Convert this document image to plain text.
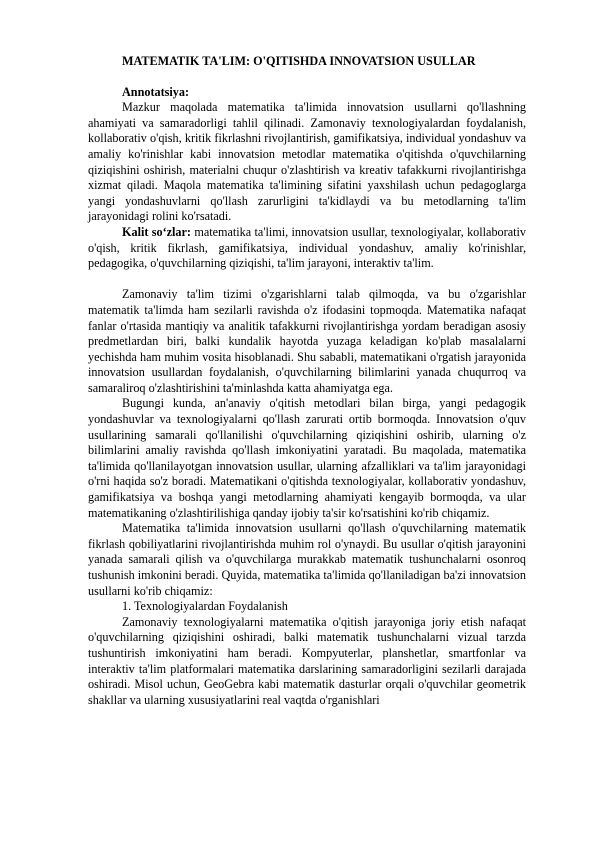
MATEMATIK TA'LIM: O'QITISHDA INNOVATSION USULLAR
Annotatsiya:

Mazkur maqolada matematika ta'limida innovatsion usullarni qo'llashning ahamiyati va samaradorligi tahlil qilinadi. Zamonaviy texnologiyalardan foydalanish, kollaborativ o'qish, kritik fikrlashni rivojlantirish, gamifikatsiya, individual yondashuv va amaliy ko'rinishlar kabi innovatsion metodlar matematika o'qitishda o'quvchilarning qiziqishini oshirish, materialni chuqur o'zlashtirish va kreativ tafakkurni rivojlantirishga xizmat qiladi. Maqola matematika ta'limining sifatini yaxshilash uchun pedagoglarga yangi yondashuvlarni qo'llash zarurligini ta'kidlaydi va bu metodlarning ta'lim jarayonidagi rolini ko'rsatadi.

Kalit so‘zlar: matematika ta'limi, innovatsion usullar, texnologiyalar, kollaborativ o'qish, kritik fikrlash, gamifikatsiya, individual yondashuv, amaliy ko'rinishlar, pedagogika, o'quvchilarning qiziqishi, ta'lim jarayoni, interaktiv ta'lim.

Zamonaviy ta'lim tizimi o'zgarishlarni talab qilmoqda, va bu o'zgarishlar matematik ta'limda ham sezilarli ravishda o'z ifodasini topmoqda. Matematika nafaqat fanlar o'rtasida mantiqiy va analitik tafakkurni rivojlantirishga yordam beradigan asosiy predmetlardan biri, balki kundalik hayotda yuzaga keladigan ko'plab masalalarni yechishda ham muhim vosita hisoblanadi. Shu sababli, matematikani o'rgatish jarayonida innovatsion usullardan foydalanish, o'quvchilarning bilimlarini yanada chuqurroq va samaraliroq o'zlashtirishini ta'minlashda katta ahamiyatga ega.

Bugungi kunda, an'anaviy o'qitish metodlari bilan birga, yangi pedagogik yondashuvlar va texnologiyalarni qo'llash zarurati ortib bormoqda. Innovatsion o'quv usullarining samarali qo'llanilishi o'quvchilarning qiziqishini oshirib, ularning o'z bilimlarini amaliy ravishda qo'llash imkoniyatini yaratadi. Bu maqolada, matematika ta'limida qo'llanilayotgan innovatsion usullar, ularning afzalliklari va ta'lim jarayonidagi o'rni haqida so'z boradi. Matematikani o'qitishda texnologiyalar, kollaborativ yondashuv, gamifikatsiya va boshqa yangi metodlarning ahamiyati kengayib bormoqda, va ular matematikaning o'zlashtirilishiga qanday ijobiy ta'sir ko'rsatishini ko'rib chiqamiz.

Matematika ta'limida innovatsion usullarni qo'llash o'quvchilarning matematik fikrlash qobiliyatlarini rivojlantirishda muhim rol o'ynaydi. Bu usullar o'qitish jarayonini yanada samarali qilish va o'quvchilarga murakkab matematik tushunchalarni osonroq tushunish imkonini beradi. Quyida, matematika ta'limida qo'llaniladigan ba'zi innovatsion usullarni ko'rib chiqamiz:

1. Texnologiyalardan Foydalanish

Zamonaviy texnologiyalarni matematika o'qitish jarayoniga joriy etish nafaqat o'quvchilarning qiziqishini oshiradi, balki matematik tushunchalarni vizual tarzda tushuntirish imkoniyatini ham beradi. Kompyuterlar, planshetlar, smartfonlar va interaktiv ta'lim platformalari matematika darslarining samaradorligini sezilarli darajada oshiradi. Misol uchun, GeoGebra kabi matematik dasturlar orqali o'quvchilar geometrik shakllar va ularning xususiyatlarini real vaqtda o'rganishlari
